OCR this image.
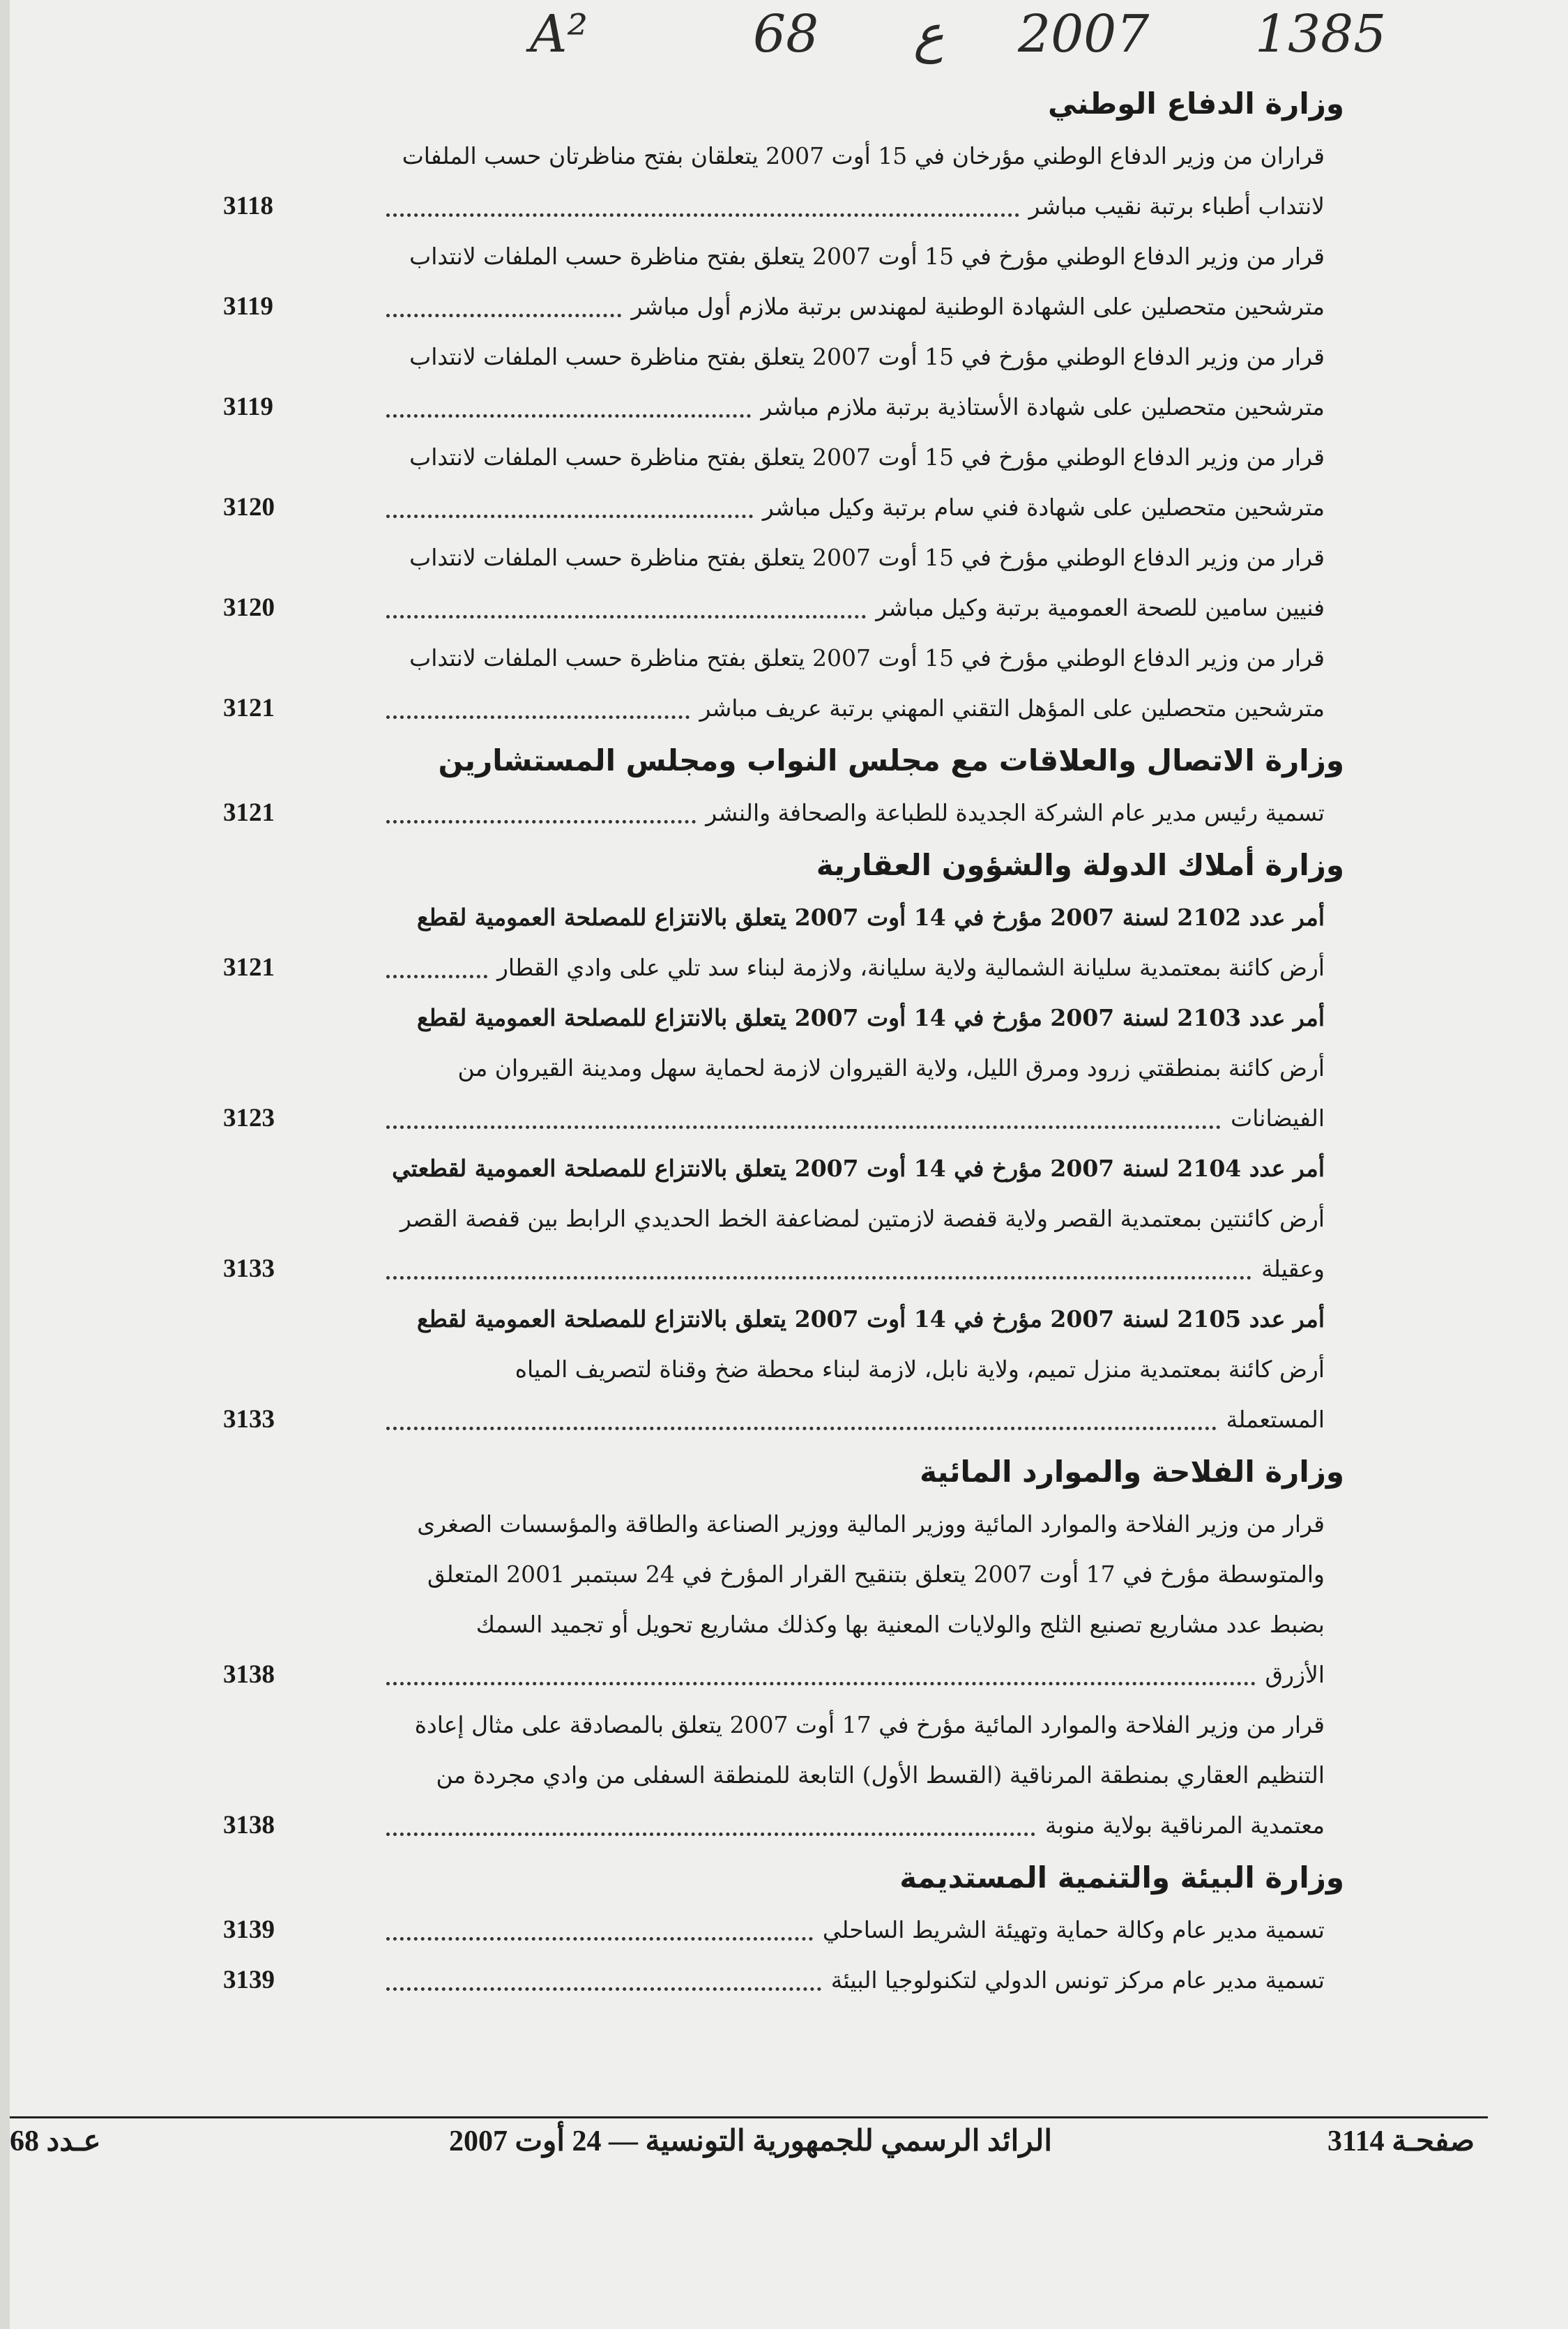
A²	68 ع 2007 1385
وزارة الدفاع الوطني
قراران من وزير الدفاع الوطني مؤرخان في 15 أوت 2007 يتعلقان بفتح مناظرتان حسب الملفات
لانتداب أطباء برتبة نقيب مباشر
3118
قرار من وزير الدفاع الوطني مؤرخ في 15 أوت 2007 يتعلق بفتح مناظرة حسب الملفات لانتداب
مترشحين متحصلين على الشهادة الوطنية لمهندس برتبة ملازم أول مباشر
3119
قرار من وزير الدفاع الوطني مؤرخ في 15 أوت 2007 يتعلق بفتح مناظرة حسب الملفات لانتداب
مترشحين متحصلين على شهادة الأستاذية برتبة ملازم مباشر
3119
قرار من وزير الدفاع الوطني مؤرخ في 15 أوت 2007 يتعلق بفتح مناظرة حسب الملفات لانتداب
مترشحين متحصلين على شهادة فني سام برتبة وكيل مباشر
3120
قرار من وزير الدفاع الوطني مؤرخ في 15 أوت 2007 يتعلق بفتح مناظرة حسب الملفات لانتداب
فنيين سامين للصحة العمومية برتبة وكيل مباشر
3120
قرار من وزير الدفاع الوطني مؤرخ في 15 أوت 2007 يتعلق بفتح مناظرة حسب الملفات لانتداب
مترشحين متحصلين على المؤهل التقني المهني برتبة عريف مباشر
3121
وزارة الاتصال والعلاقات مع مجلس النواب ومجلس المستشارين
تسمية رئيس مدير عام الشركة الجديدة للطباعة والصحافة والنشر
3121
وزارة أملاك الدولة والشؤون العقارية
أمر عدد 2102 لسنة 2007 مؤرخ في 14 أوت 2007 يتعلق بالانتزاع للمصلحة العمومية لقطع
أرض كائنة بمعتمدية سليانة الشمالية ولاية سليانة، ولازمة لبناء سد تلي على وادي القطار
3121
أمر عدد 2103 لسنة 2007 مؤرخ في 14 أوت 2007 يتعلق بالانتزاع للمصلحة العمومية لقطع
أرض كائنة بمنطقتي زرود ومرق الليل، ولاية القيروان لازمة لحماية سهل ومدينة القيروان من
الفيضانات
3123
أمر عدد 2104 لسنة 2007 مؤرخ في 14 أوت 2007 يتعلق بالانتزاع للمصلحة العمومية لقطعتي
أرض كائنتين بمعتمدية القصر ولاية قفصة لازمتين لمضاعفة الخط الحديدي الرابط بين قفصة القصر
وعقيلة
3133
أمر عدد 2105 لسنة 2007 مؤرخ في 14 أوت 2007 يتعلق بالانتزاع للمصلحة العمومية لقطع
أرض كائنة بمعتمدية منزل تميم، ولاية نابل، لازمة لبناء محطة ضخ وقناة لتصريف المياه
المستعملة
3133
وزارة الفلاحة والموارد المائية
قرار من وزير الفلاحة والموارد المائية ووزير المالية ووزير الصناعة والطاقة والمؤسسات الصغرى
والمتوسطة مؤرخ في 17 أوت 2007 يتعلق بتنقيح القرار المؤرخ في 24 سبتمبر 2001 المتعلق
بضبط عدد مشاريع تصنيع الثلج والولايات المعنية بها وكذلك مشاريع تحويل أو تجميد السمك
الأزرق
3138
قرار من وزير الفلاحة والموارد المائية مؤرخ في 17 أوت 2007 يتعلق بالمصادقة على مثال إعادة
التنظيم العقاري بمنطقة المرناقية (القسط الأول) التابعة للمنطقة السفلى من وادي مجردة من
معتمدية المرناقية بولاية منوبة
3138
وزارة البيئة والتنمية المستديمة
تسمية مدير عام وكالة حماية وتهيئة الشريط الساحلي
3139
تسمية مدير عام مركز تونس الدولي لتكنولوجيا البيئة
3139
صفحـة 3114
الرائد الرسمي للجمهورية التونسية — 24 أوت 2007
عـدد 68
